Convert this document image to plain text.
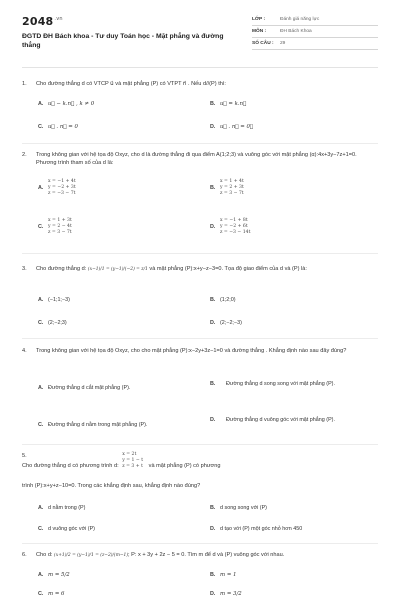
$2048^{.vn}$
ĐGTD ĐH Bách khoa - Tư duy Toán học - Mặt phẳng và đường thẳng
LỚP :	Đánh giá năng lực
MÔN :	ĐH Bách Khoa
SỐ CÂU :	29
1. Cho đường thẳng d có VTCP u⃗ và mặt phẳng (P) có VTPT n⃗ . Nếu d//(P) thì:
A. u⃗ − k.n⃗ , k ≠ 0	B. u⃗ = k.n⃗
C. u⃗ . n⃗ = 0	D. u⃗ . n⃗ = 0⃗
2. Trong không gian với hệ tọa độ Oxyz, cho d là đường thẳng đi qua điểm A(1;2;3) và vuông góc với mặt phẳng (α):4x+3y−7z+1=0. Phương trình tham số của d là:
A.
x = −1 + 4t
y = −2 + 3t
z = −3 − 7t
B.
x = 1 + 4t
y = 2 + 3t
z = 3 − 7t
C.
x = 1 + 3t
y = 2 − 4t
z = 3 − 7t
D.
x = −1 + 8t
y = −2 + 6t
z = −3 − 14t
3. Cho đường thẳng d: (x−1)/1 = (y−1)/(−2) = z/1 và mặt phẳng (P):x+y−z−3=0. Tọa độ giao điểm của d và (P) là:
A. (−1;1;−3)	B. (1;2;0)
C. (2;−2;3)	D. (2;−2;−3)
4. Trong không gian với hệ tọa độ Oxyz, cho cho mặt phẳng (P):x−2y+3z−1=0 và đường thẳng . Khẳng định nào sau đây đúng?
A. Đường thẳng d cắt mặt phẳng (P).
B.	Đường thẳng d song song với mặt phẳng (P).
C. Đường thẳng d nằm trong mặt phẳng (P).
D.	Đường thẳng d vuông góc với mặt phẳng (P).
5.
Cho đường thẳng d có phương trình d:
x = 2t
y = 1 − t
z = 3 + t và mặt phẳng (P) có phương
trình (P):x+y+z−10=0. Trong các khẳng định sau, khẳng định nào đúng?
A. d nằm trong (P)	B. d song song với (P)
C. d vuông góc với (P)	D. d tạo với (P) một góc nhỏ hơn 450
6. Cho d: (x+1)/2 = (y−1)/1 = (z−2)/(m−1); P: x + 3y + 2z − 5 = 0. Tìm m để d và (P) vuông góc với nhau.
A. m = 5/2	B. m = 1
C. m = 6	D. m = 3/2
